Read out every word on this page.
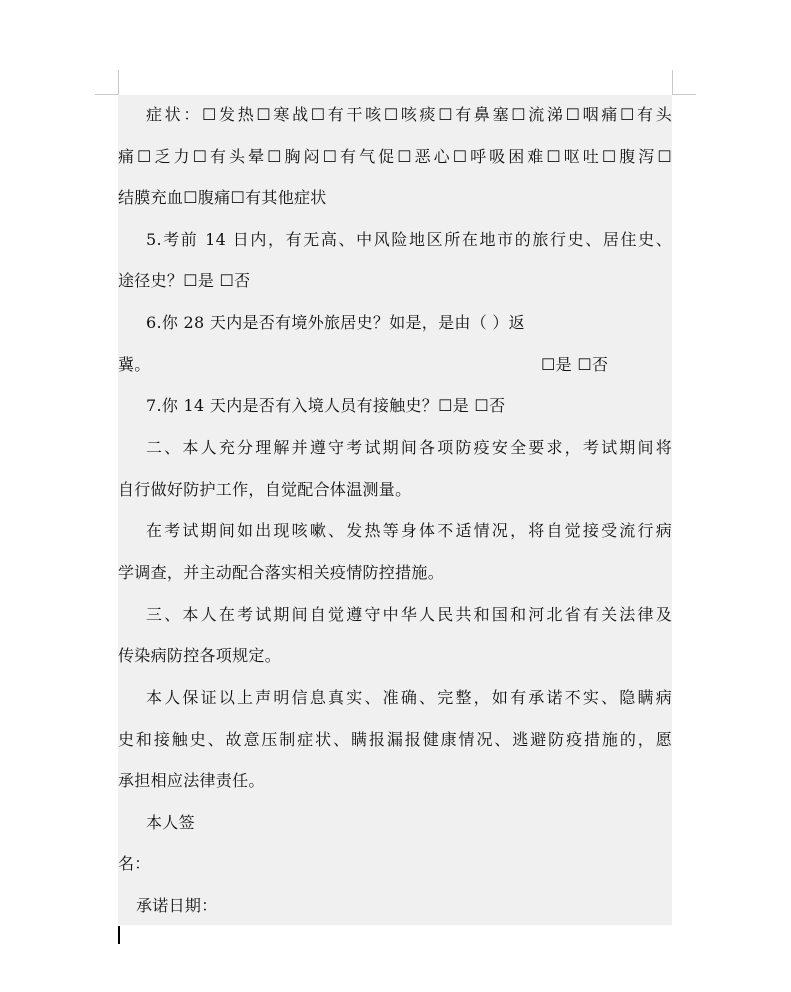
症状：☐发热☐寒战☐有干咳☐咳痰☐有鼻塞☐流涕☐咽痛☐有头
痛☐乏力☐有头晕☐胸闷☐有气促☐恶心☐呼吸困难☐呕吐☐腹泻☐
结膜充血☐腹痛☐有其他症状
5.考前 14 日内，有无高、中风险地区所在地市的旅行史、居住史、
途径史？☐是 ☐否
6.你 28 天内是否有境外旅居史？如是，是由（ ）返
冀。	☐是 ☐否
7.你 14 天内是否有入境人员有接触史？☐是 ☐否
二、本人充分理解并遵守考试期间各项防疫安全要求，考试期间将
自行做好防护工作，自觉配合体温测量。
在考试期间如出现咳嗽、发热等身体不适情况，将自觉接受流行病
学调查，并主动配合落实相关疫情防控措施。
三、本人在考试期间自觉遵守中华人民共和国和河北省有关法律及
传染病防控各项规定。
本人保证以上声明信息真实、准确、完整，如有承诺不实、隐瞒病
史和接触史、故意压制症状、瞒报漏报健康情况、逃避防疫措施的，愿
承担相应法律责任。
本人签
名：
承诺日期：
